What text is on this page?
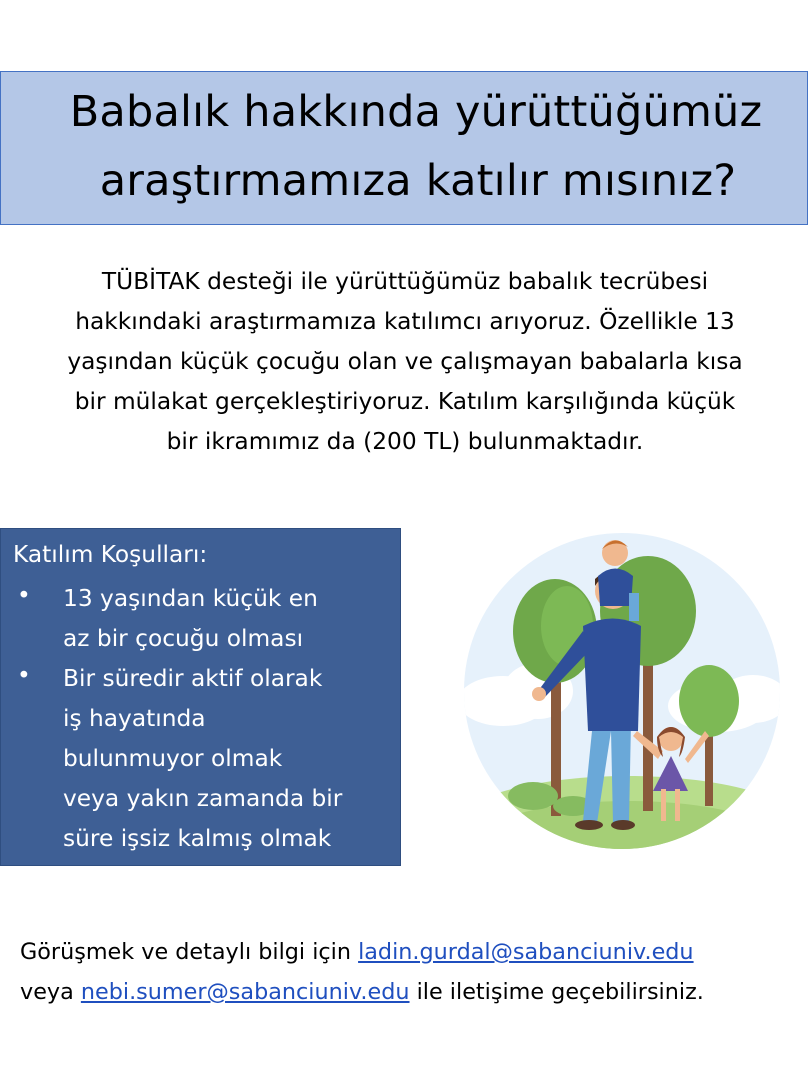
Babalık hakkında yürüttüğümüz
araştırmamıza katılır mısınız?
TÜBİTAK desteği ile yürüttüğümüz babalık tecrübesi
hakkındaki araştırmamıza katılımcı arıyoruz. Özellikle 13
yaşından küçük çocuğu olan ve çalışmayan babalarla kısa
bir mülakat gerçekleştiriyoruz. Katılım karşılığında küçük
bir ikramımız da (200 TL) bulunmaktadır.
Katılım Koşulları:
• 13 yaşından küçük en
az bir çocuğu olması
• Bir süredir aktif olarak
iş hayatında
bulunmuyor olmak
veya yakın zamanda bir
süre işsiz kalmış olmak
Görüşmek ve detaylı bilgi için ladin.gurdal@sabanciuniv.edu
veya nebi.sumer@sabanciuniv.edu ile iletişime geçebilirsiniz.
